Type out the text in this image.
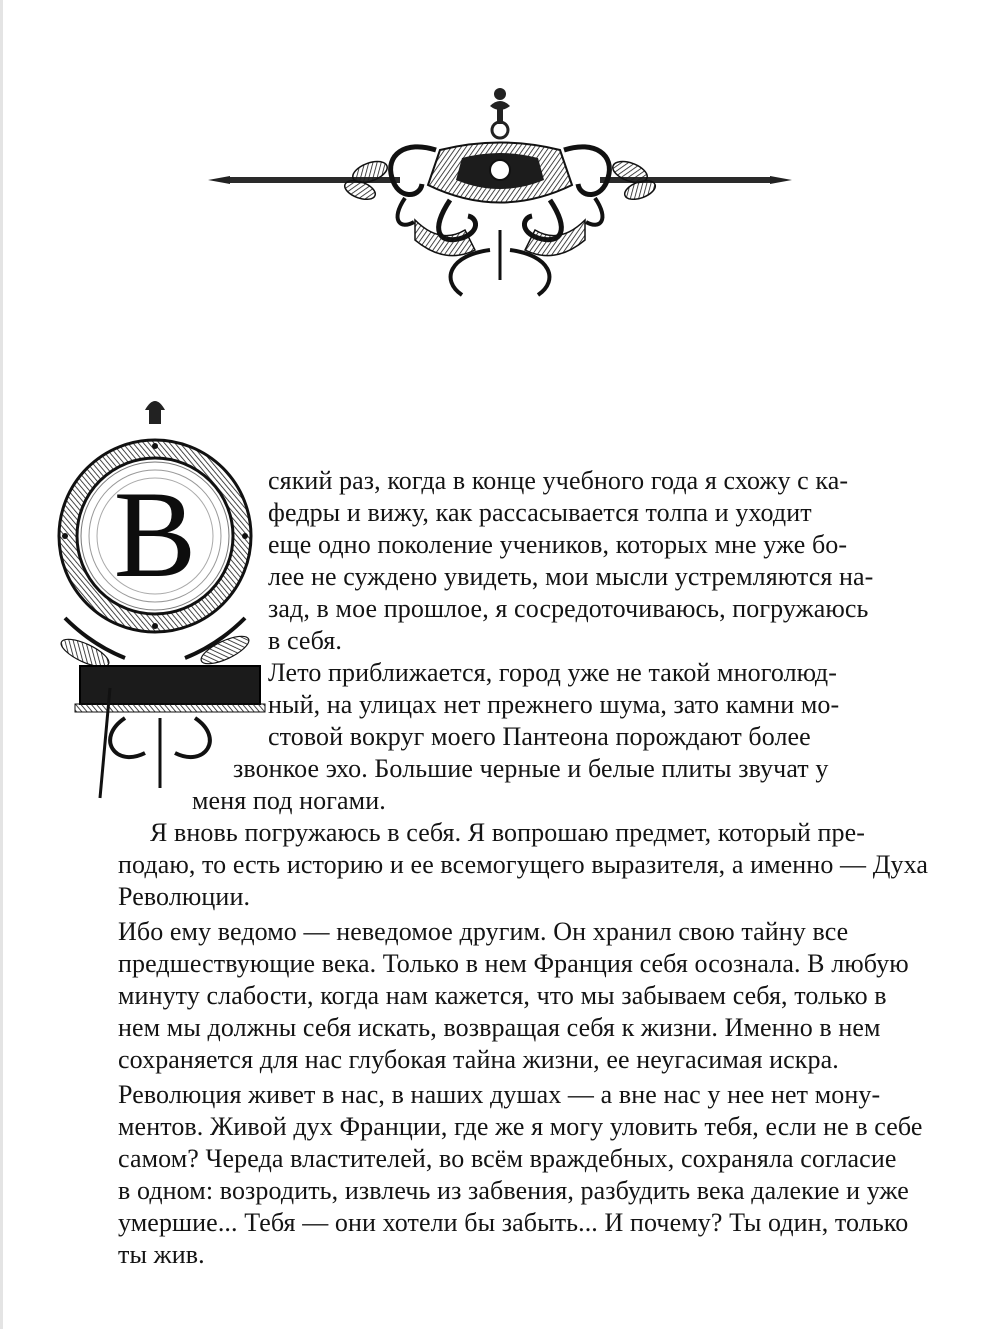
В	сякий раз, когда в конце учебного года я схожу с ка-

федры и вижу, как рассасывается толпа и уходит

еще одно поколение учеников, которых мне уже бо-

лее не суждено увидеть, мои мысли устремляются на-

зад, в мое прошлое, я сосредоточиваюсь, погружаюсь

в себя.

Лето приближается, город уже не такой многолюд-

ный, на улицах нет прежнего шума, зато камни мо-

стовой вокруг моего Пантеона порождают более

звонкое эхо. Большие черные и белые плиты звучат у

меня под ногами.

Я вновь погружаюсь в себя. Я вопрошаю предмет, который пре-

подаю, то есть историю и ее всемогущего выразителя, а именно — Духа

Революции.

Ибо ему ведомо — неведомое другим. Он хранил свою тайну все

предшествующие века. Только в нем Франция себя осознала. В любую

минуту слабости, когда нам кажется, что мы забываем себя, только в

нем мы должны себя искать, возвращая себя к жизни. Именно в нем

сохраняется для нас глубокая тайна жизни, ее неугасимая искра.

Революция живет в нас, в наших душах — а вне нас у нее нет мону-

ментов. Живой дух Франции, где же я могу уловить тебя, если не в себе

самом? Череда властителей, во всём враждебных, сохраняла согласие

в одном: возродить, извлечь из забвения, разбудить века далекие и уже

умершие... Тебя — они хотели бы забыть... И почему? Ты один, только

ты жив.
